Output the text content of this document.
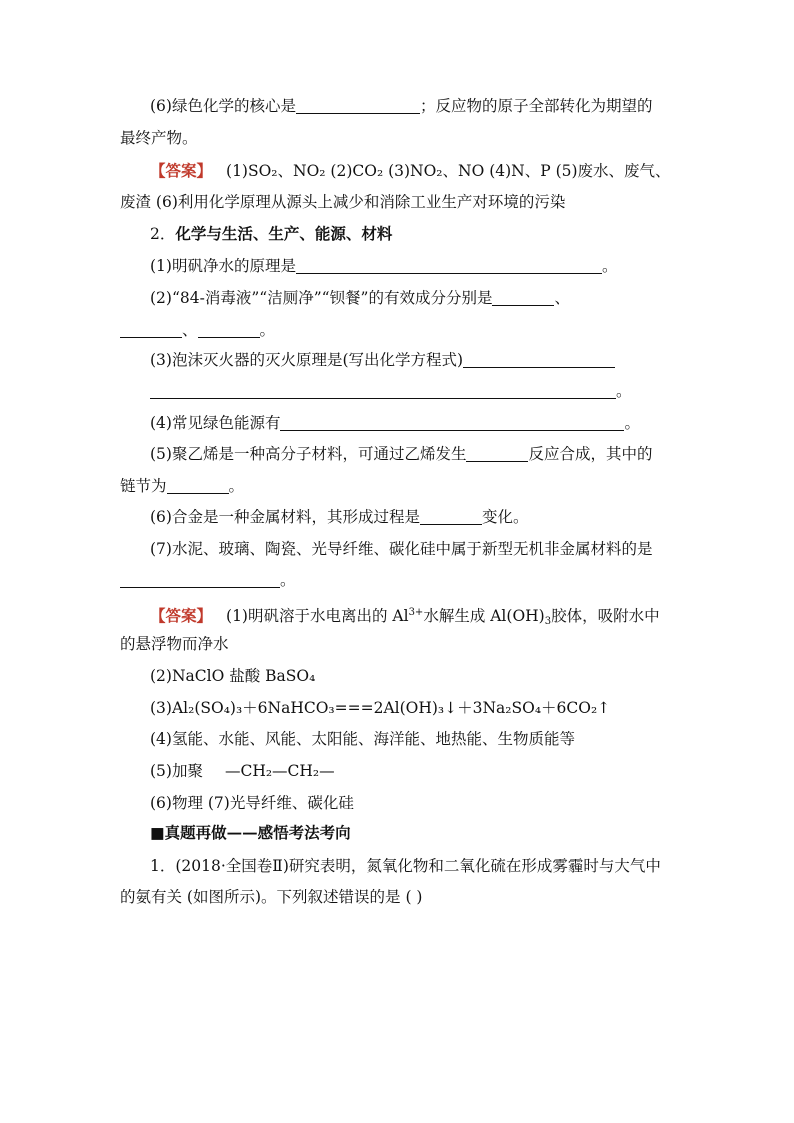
(6)绿色化学的核心是	；反应物的原子全部转化为期望的
最终产物。
【答案】 (1)SO₂、NO₂ (2)CO₂ (3)NO₂、NO (4)N、P (5)废水、废气、
废渣 (6)利用化学原理从源头上减少和消除工业生产对环境的污染
2．化学与生活、生产、能源、材料
(1)明矾净水的原理是	。
(2)“84-消毒液”“洁厕净”“钡餐”的有效成分分别是	、
、	。
(3)泡沫灭火器的灭火原理是(写出化学方程式)
。
(4)常见绿色能源有	。
(5)聚乙烯是一种高分子材料，可通过乙烯发生	反应合成，其中的
链节为	。
(6)合金是一种金属材料，其形成过程是	变化。
(7)水泥、玻璃、陶瓷、光导纤维、碳化硅中属于新型无机非金属材料的是
。
【答案】 (1)明矾溶于水电离出的 $Al^{3+}$水解生成 $Al(OH)_3$胶体，吸附水中
的悬浮物而净水
(2)NaClO 盐酸 BaSO₄
(3)Al₂(SO₄)₃＋6NaHCO₃===2Al(OH)₃↓＋3Na₂SO₄＋6CO₂↑
(4)氢能、水能、风能、太阳能、海洋能、地热能、生物质能等
(5)加聚 —CH₂—CH₂—
(6)物理 (7)光导纤维、碳化硅
■真题再做——感悟考法考向
1．(2018·全国卷Ⅱ)研究表明，氮氧化物和二氧化硫在形成雾霾时与大气中
的氨有关 (如图所示)。下列叙述错误的是 ( )
